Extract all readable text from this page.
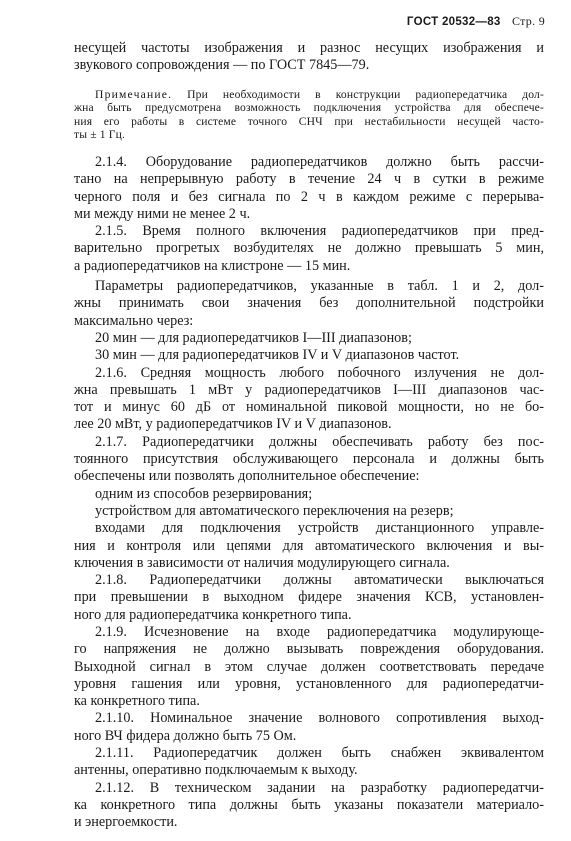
ГОСТ 20532—83 Стр. 9
несущей частоты изображения и разнос несущих изображения и
звукового сопровождения — по ГОСТ 7845—79.
Примечание. При необходимости в конструкции радиопередатчика дол-
жна быть предусмотрена возможность подключения устройства для обеспече-
ния его работы в системе точного СНЧ при нестабильности несущей часто-
ты ± 1 Гц.
2.1.4. Оборудование радиопередатчиков должно быть рассчи-
тано на непрерывную работу в течение 24 ч в сутки в режиме
черного поля и без сигнала по 2 ч в каждом режиме с перерыва-
ми между ними не менее 2 ч.
2.1.5. Время полного включения радиопередатчиков при пред-
варительно прогретых возбудителях не должно превышать 5 мин,
а радиопередатчиков на клистроне — 15 мин.
Параметры радиопередатчиков, указанные в табл. 1 и 2, дол-
жны принимать свои значения без дополнительной подстройки
максимально через:
20 мин — для радиопередатчиков I—III диапазонов;
30 мин — для радиопередатчиков IV и V диапазонов частот.
2.1.6. Средняя мощность любого побочного излучения не дол-
жна превышать 1 мВт у радиопередатчиков I—III диапазонов час-
тот и минус 60 дБ от номинальной пиковой мощности, но не бо-
лее 20 мВт, у радиопередатчиков IV и V диапазонов.
2.1.7. Радиопередатчики должны обеспечивать работу без пос-
тоянного присутствия обслуживающего персонала и должны быть
обеспечены или позволять дополнительное обеспечение:
одним из способов резервирования;
устройством для автоматического переключения на резерв;
входами для подключения устройств дистанционного управле-
ния и контроля или цепями для автоматического включения и вы-
ключения в зависимости от наличия модулирующего сигнала.
2.1.8. Радиопередатчики должны автоматически выключаться
при превышении в выходном фидере значения КСВ, установлен-
ного для радиопередатчика конкретного типа.
2.1.9. Исчезновение на входе радиопередатчика модулирующе-
го напряжения не должно вызывать повреждения оборудования.
Выходной сигнал в этом случае должен соответствовать передаче
уровня гашения или уровня, установленного для радиопередатчи-
ка конкретного типа.
2.1.10. Номинальное значение волнового сопротивления выход-
ного ВЧ фидера должно быть 75 Ом.
2.1.11. Радиопередатчик должен быть снабжен эквивалентом
антенны, оперативно подключаемым к выходу.
2.1.12. В техническом задании на разработку радиопередатчи-
ка конкретного типа должны быть указаны показатели материало-
и энергоемкости.
